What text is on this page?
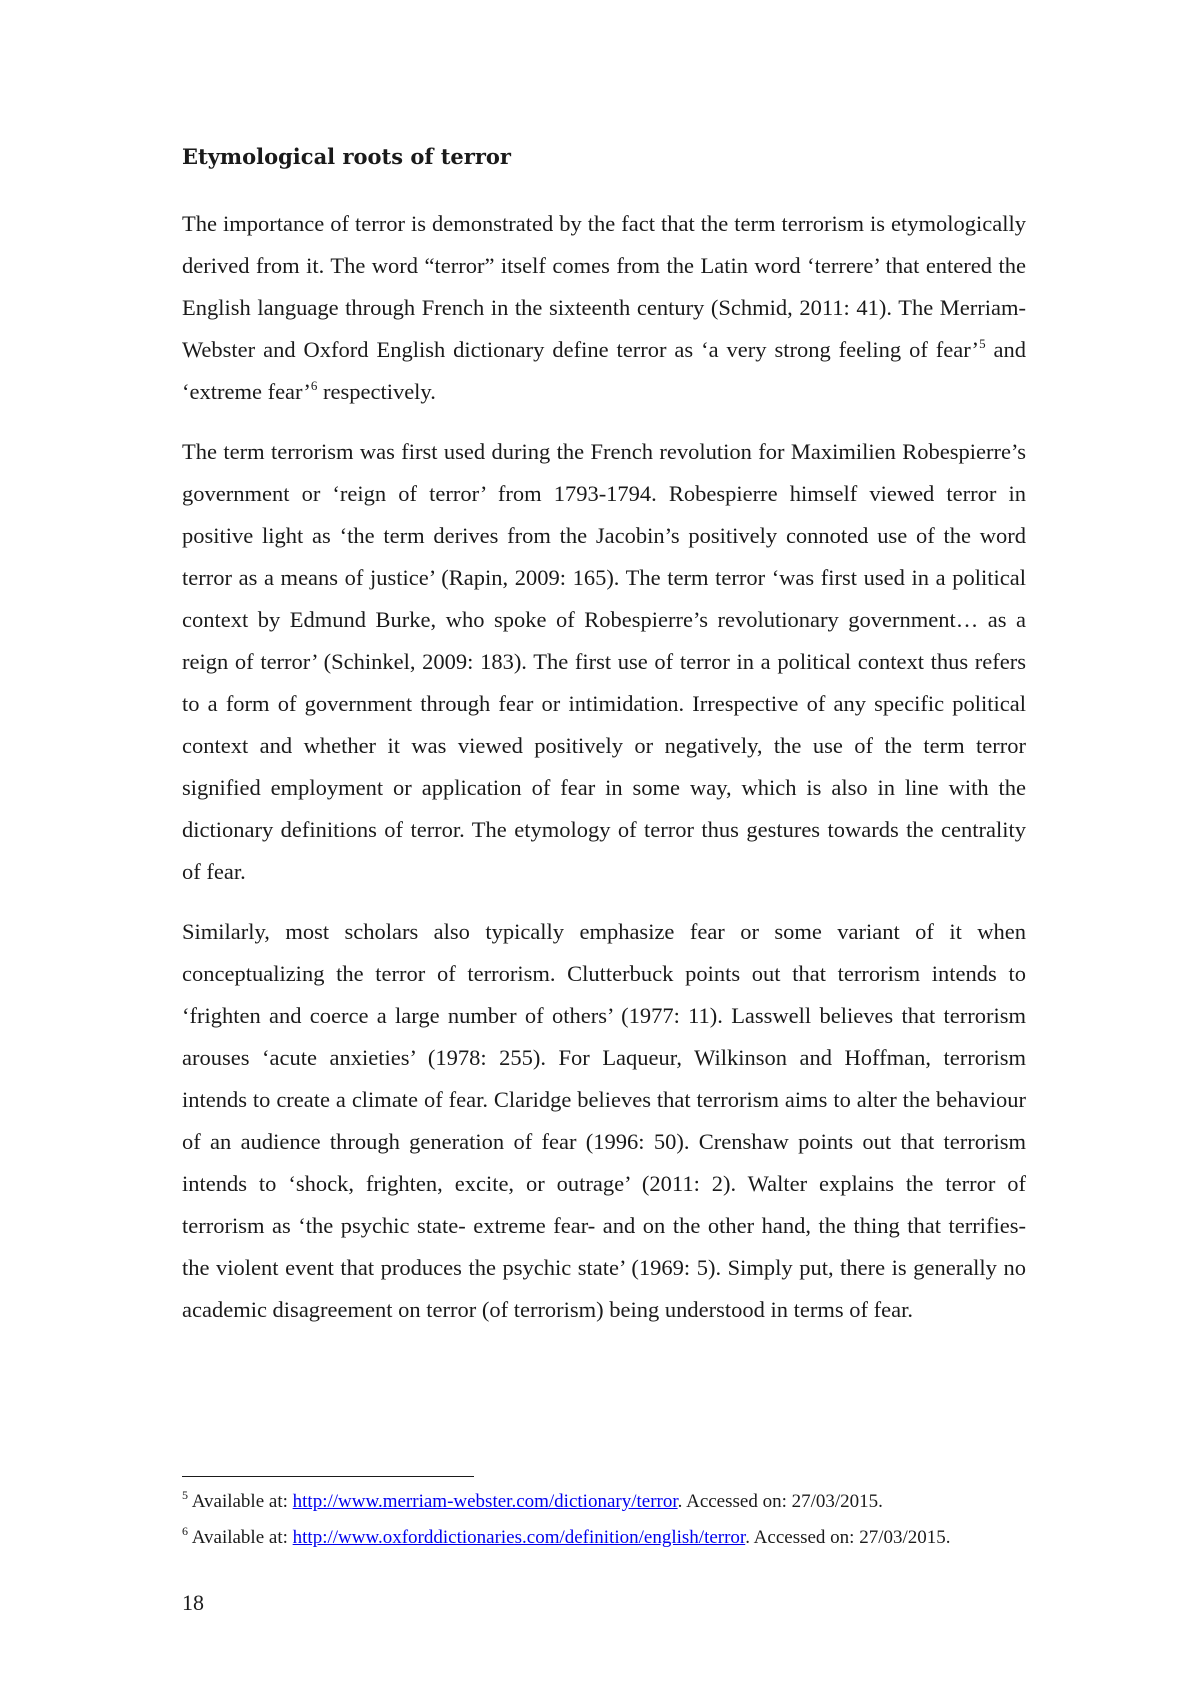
Etymological roots of terror

The importance of terror is demonstrated by the fact that the term terrorism is etymologically derived from it. The word “terror” itself comes from the Latin word ‘terrere’ that entered the English language through French in the sixteenth century (Schmid, 2011: 41). The Merriam-Webster and Oxford English dictionary define terror as ‘a very strong feeling of fear’$^5$ and ‘extreme fear’$^6$ respectively.

The term terrorism was first used during the French revolution for Maximilien Robespierre’s government or ‘reign of terror’ from 1793-1794. Robespierre himself viewed terror in positive light as ‘the term derives from the Jacobin’s positively connoted use of the word terror as a means of justice’ (Rapin, 2009: 165). The term terror ‘was first used in a political context by Edmund Burke, who spoke of Robespierre’s revolutionary government… as a reign of terror’ (Schinkel, 2009: 183). The first use of terror in a political context thus refers to a form of government through fear or intimidation. Irrespective of any specific political context and whether it was viewed positively or negatively, the use of the term terror signified employment or application of fear in some way, which is also in line with the dictionary definitions of terror. The etymology of terror thus gestures towards the centrality of fear.

Similarly, most scholars also typically emphasize fear or some variant of it when conceptualizing the terror of terrorism. Clutterbuck points out that terrorism intends to ‘frighten and coerce a large number of others’ (1977: 11). Lasswell believes that terrorism arouses ‘acute anxieties’ (1978: 255). For Laqueur, Wilkinson and Hoffman, terrorism intends to create a climate of fear. Claridge believes that terrorism aims to alter the behaviour of an audience through generation of fear (1996: 50). Crenshaw points out that terrorism intends to ‘shock, frighten, excite, or outrage’ (2011: 2). Walter explains the terror of terrorism as ‘the psychic state- extreme fear- and on the other hand, the thing that terrifies- the violent event that produces the psychic state’ (1969: 5). Simply put, there is generally no academic disagreement on terror (of terrorism) being understood in terms of fear.

$^5$ Available at: http://www.merriam-webster.com/dictionary/terror. Accessed on: 27/03/2015.

$^6$ Available at: http://www.oxforddictionaries.com/definition/english/terror. Accessed on: 27/03/2015.

18
